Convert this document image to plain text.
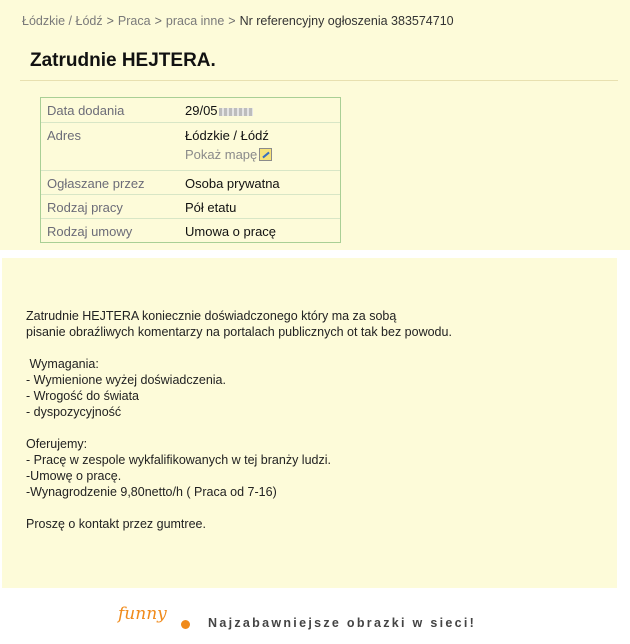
Łódzkie / Łódź > Praca > praca inne > Nr referencyjny ogłoszenia 383574710
Zatrudnie HEJTERA.
Data dodania	29/05
Adres	Łódzkie / Łódź
Pokaż mapę
Ogłaszane przez	Osoba prywatna
Rodzaj pracy	Pół etatu
Rodzaj umowy	Umowa o pracę

Zatrudnie HEJTERA koniecznie doświadczonego który ma za sobą

pisanie obraźliwych komentarzy na portalach publicznych ot tak bez powodu.

Wymagania:

- Wymienione wyżej doświadczenia.

- Wrogość do świata

- dyspozycyjność

Oferujemy:

- Pracę w zespole wykfalifikowanych w tej branży ludzi.

-Umowę o pracę.

-Wynagrodzenie 9,80netto/h ( Praca od 7-16)

Proszę o kontakt przez gumtree.

funny	Najzabawniejsze obrazki w sieci!
